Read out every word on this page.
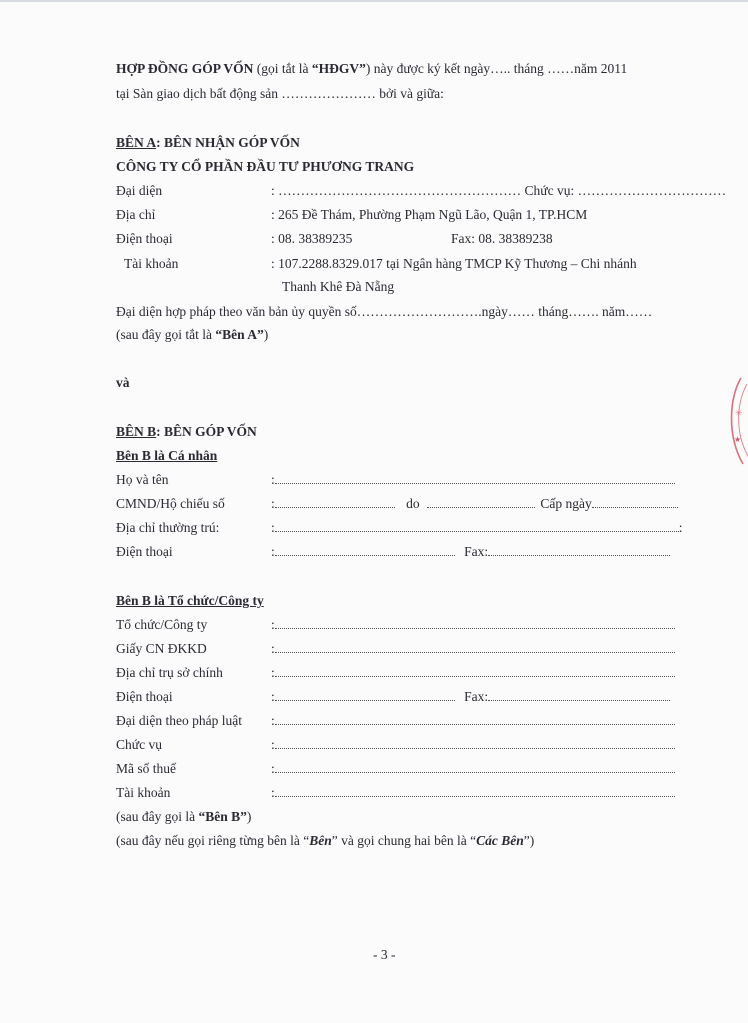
HỢP ĐỒNG GÓP VỐN (gọi tắt là “HĐGV”) này được ký kết ngày….. tháng ……năm 2011
tại Sàn giao dịch bất động sản ………………… bởi và giữa:
BÊN A: BÊN NHẬN GÓP VỐN
CÔNG TY CỔ PHẦN ĐẦU TƯ PHƯƠNG TRANG
Đại diện	: ……………………………………………… Chức vụ: ……………………………
Địa chỉ	: 265 Đề Thám, Phường Phạm Ngũ Lão, Quận 1, TP.HCM
Điện thoại	: 08. 38389235	Fax: 08. 38389238
Tài khoản	: 107.2288.8329.017 tại Ngân hàng TMCP Kỹ Thương – Chi nhánh
Thanh Khê Đà Nẵng
Đại diện hợp pháp theo văn bản ủy quyền số……………………….ngày…… tháng……. năm……
(sau đây gọi tắt là “Bên A”)
và
BÊN B: BÊN GÓP VỐN
Bên B là Cá nhân
Họ và tên	:
CMND/Hộ chiếu số	:	do	Cấp ngày
Địa chỉ thường trú:	:	:
Điện thoại	:	Fax:
Bên B là Tổ chức/Công ty
Tổ chức/Công ty	:
Giấy CN ĐKKD	:
Địa chỉ trụ sở chính	:
Điện thoại	:	Fax:
Đại diện theo pháp luật :
Chức vụ	:
Mã số thuế	:
Tài khoản	:
(sau đây gọi là “Bên B”)
(sau đây nếu gọi riêng từng bên là “Bên” và gọi chung hai bên là “Các Bên”)
- 3 -
✳
★
